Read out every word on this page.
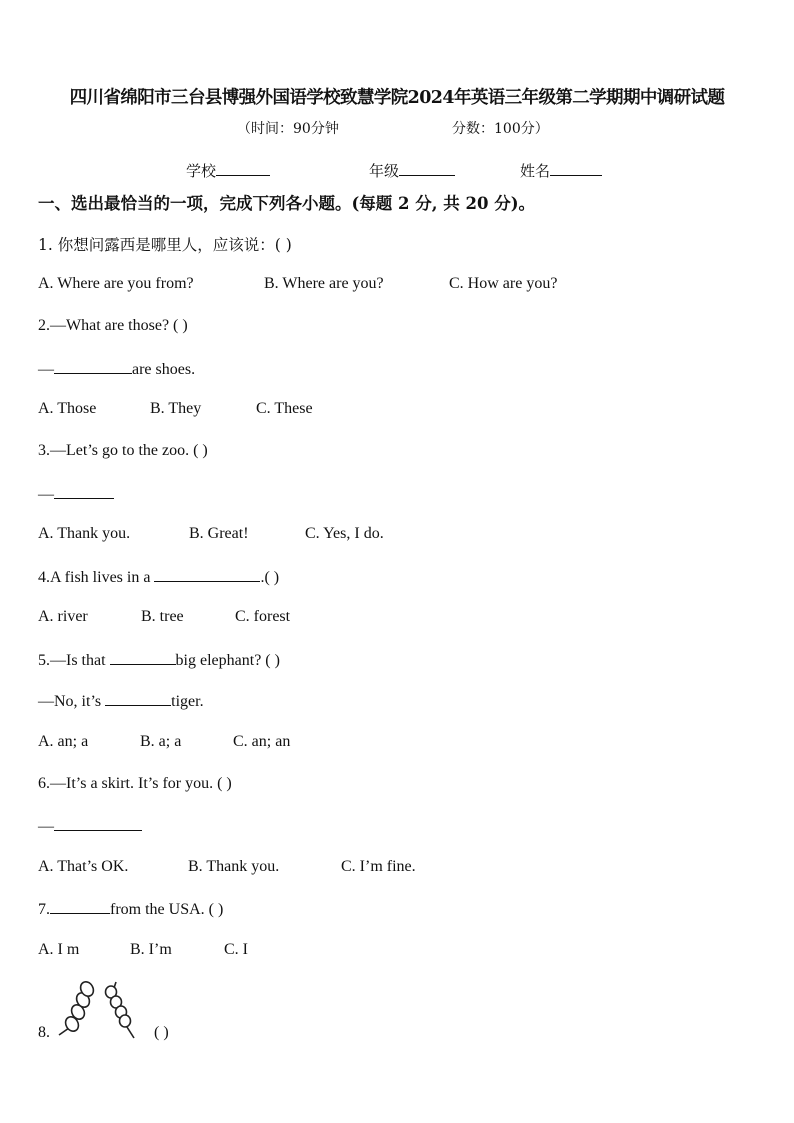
四川省绵阳市三台县博强外国语学校致慧学院2024年英语三年级第二学期期中调研试题
（时间：90分钟	分数：100分）
学校	年级	姓名
一、选出最恰当的一项，完成下列各小题。(每题 2 分, 共 20 分)。
1. 你想问露西是哪里人，应该说：( )
A. Where are you from?	B. Where are you?	C. How are you?
2.—What are those? ( )
—	are shoes.
A. Those	B. They	C. These
3.—Let’s go to the zoo. ( )
—
A. Thank you.	B. Great!	C. Yes, I do.
4.A fish lives in a	.( )
A. river	B. tree	C. forest
5.—Is that	big elephant? ( )
—No, it’s	tiger.
A. an; a	B. a; a	C. an; an
6.—It’s a skirt. It’s for you. ( )
—
A. That’s OK.	B. Thank you.	C. I’m fine.
7.	from the USA. ( )
A. I m	B. I’m	C. I
8.	( )
